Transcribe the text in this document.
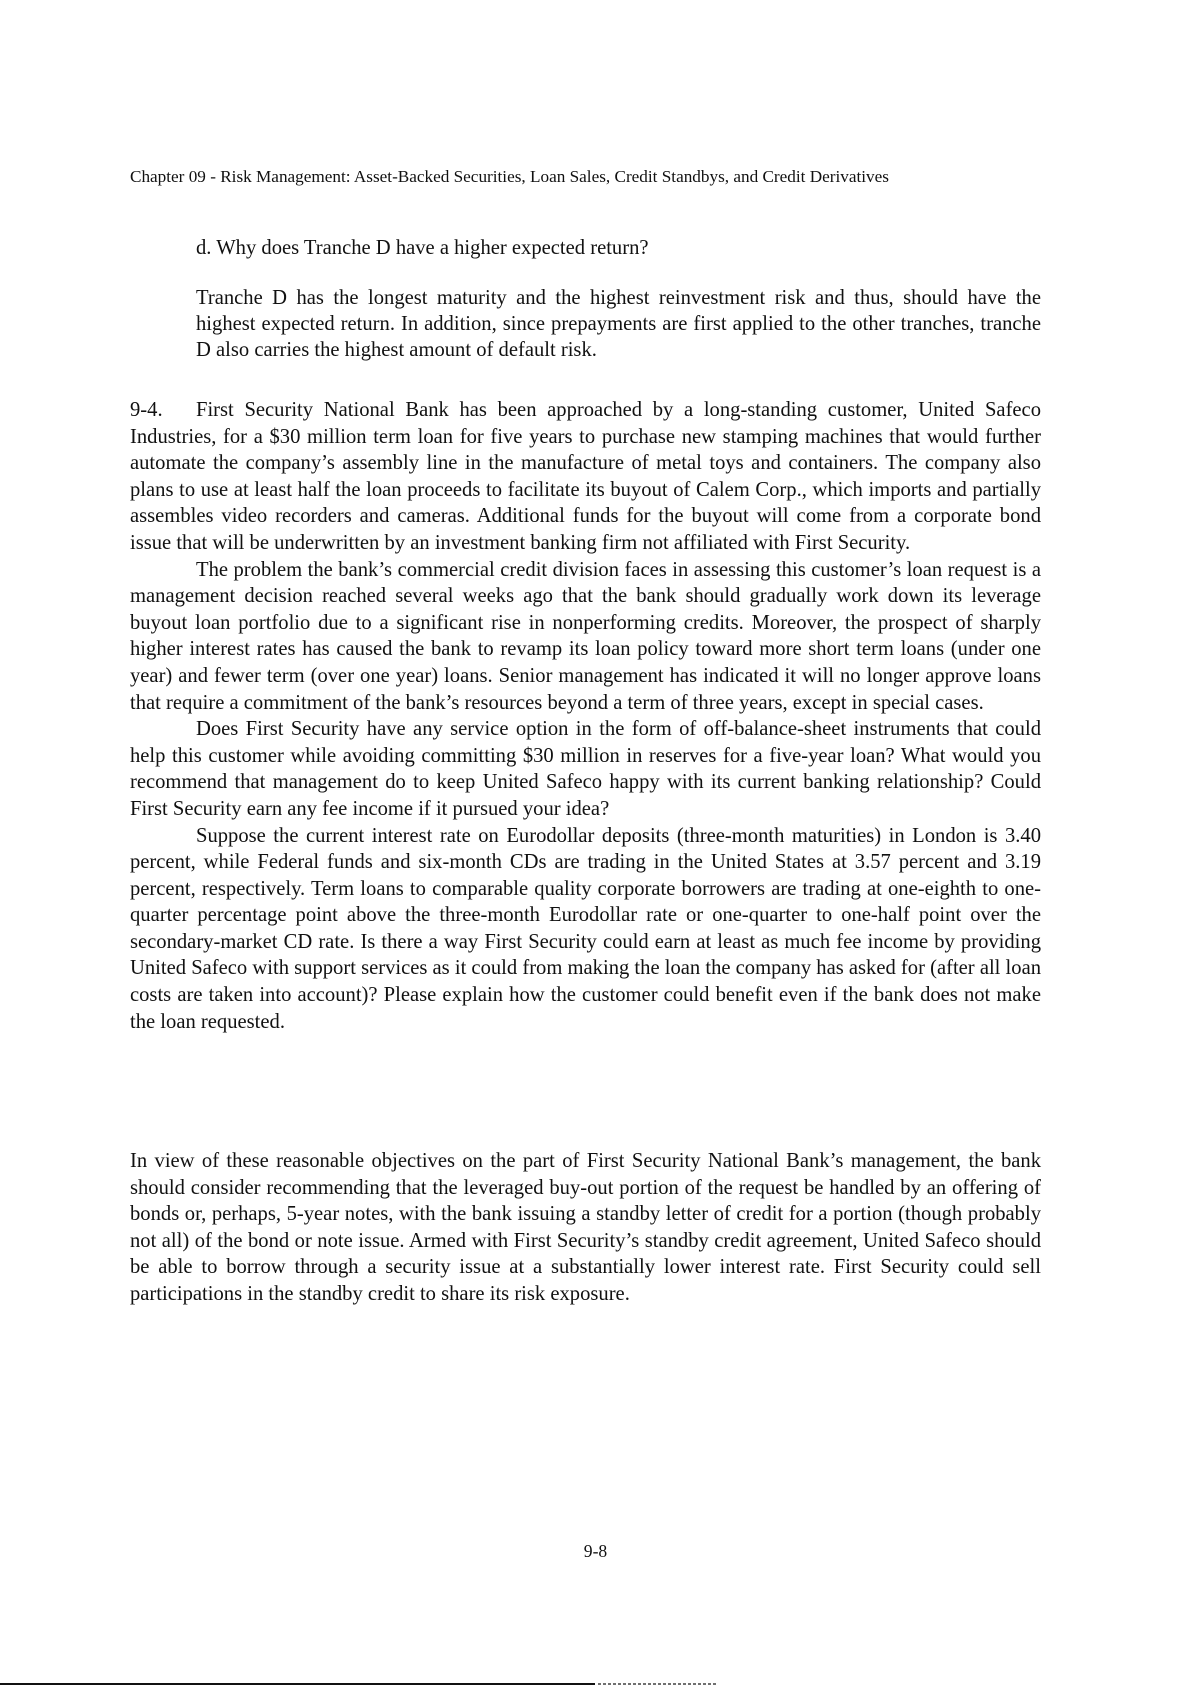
Chapter 09 - Risk Management: Asset-Backed Securities, Loan Sales, Credit Standbys, and Credit Derivatives
d. Why does Tranche D have a higher expected return?
Tranche D has the longest maturity and the highest reinvestment risk and thus, should have the highest expected return. In addition, since prepayments are first applied to the other tranches, tranche D also carries the highest amount of default risk.

9-4. First Security National Bank has been approached by a long-standing customer, United Safeco Industries, for a $30 million term loan for five years to purchase new stamping machines that would further automate the company’s assembly line in the manufacture of metal toys and containers. The company also plans to use at least half the loan proceeds to facilitate its buyout of Calem Corp., which imports and partially assembles video recorders and cameras. Additional funds for the buyout will come from a corporate bond issue that will be underwritten by an investment banking firm not affiliated with First Security.

The problem the bank’s commercial credit division faces in assessing this customer’s loan request is a management decision reached several weeks ago that the bank should gradually work down its leverage buyout loan portfolio due to a significant rise in nonperforming credits. Moreover, the prospect of sharply higher interest rates has caused the bank to revamp its loan policy toward more short term loans (under one year) and fewer term (over one year) loans. Senior management has indicated it will no longer approve loans that require a commitment of the bank’s resources beyond a term of three years, except in special cases.

Does First Security have any service option in the form of off-balance-sheet instruments that could help this customer while avoiding committing $30 million in reserves for a five-year loan? What would you recommend that management do to keep United Safeco happy with its current banking relationship? Could First Security earn any fee income if it pursued your idea?

Suppose the current interest rate on Eurodollar deposits (three-month maturities) in London is 3.40 percent, while Federal funds and six-month CDs are trading in the United States at 3.57 percent and 3.19 percent, respectively. Term loans to comparable quality corporate borrowers are trading at one-eighth to one-quarter percentage point above the three-month Eurodollar rate or one-quarter to one-half point over the secondary-market CD rate. Is there a way First Security could earn at least as much fee income by providing United Safeco with support services as it could from making the loan the company has asked for (after all loan costs are taken into account)? Please explain how the customer could benefit even if the bank does not make the loan requested.

In view of these reasonable objectives on the part of First Security National Bank’s management, the bank should consider recommending that the leveraged buy-out portion of the request be handled by an offering of bonds or, perhaps, 5-year notes, with the bank issuing a standby letter of credit for a portion (though probably not all) of the bond or note issue. Armed with First Security’s standby credit agreement, United Safeco should be able to borrow through a security issue at a substantially lower interest rate. First Security could sell participations in the standby credit to share its risk exposure.

9-8
